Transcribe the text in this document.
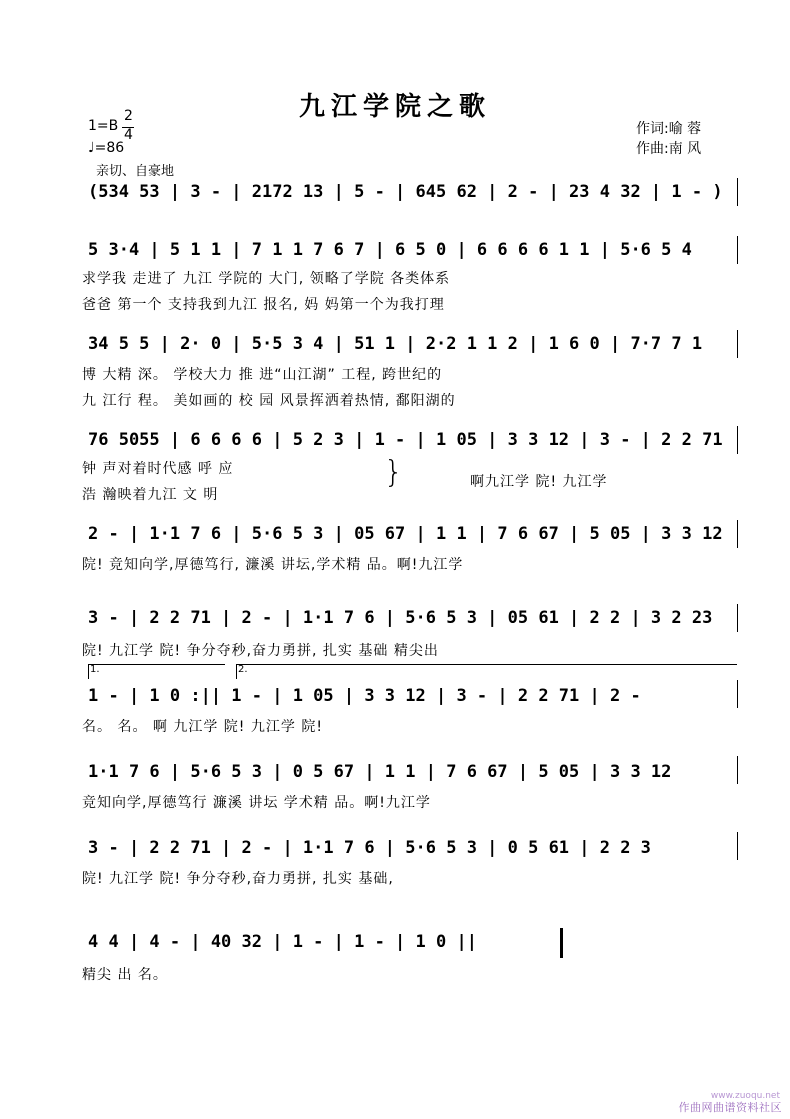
九江学院之歌
1=B
2
4
♩=86
亲切、自豪地
作词:喻 蓉
作曲:南 风
(534 53 | 3 - | 2172 13 | 5 - | 645 62 | 2 - | 23 4 32 | 1 - )
5 3·4 | 5 1 1 | 7 1 1 7 6 7 | 6 5 0 | 6 6 6 6 1 1 | 5·6 5 4
求学我 走进了 九江 学院的 大门, 领略了学院 各类体系
爸爸 第一个 支持我到九江 报名, 妈 妈第一个为我打理
34 5 5 | 2· 0 | 5·5 3 4 | 51 1 | 2·2 1 1 2 | 1 6 0 | 7·7 7 1
博 大精 深。 学校大力 推 进“山江湖” 工程, 跨世纪的
九 江行 程。 美如画的 校 园 风景挥洒着热情, 鄱阳湖的
76 5055 | 6 6 6 6 | 5 2 3 | 1 - | 1 05 | 3 3 12 | 3 - | 2 2 71
钟 声对着时代感 呼 应
浩 瀚映着九江 文 明
}	啊九江学 院! 九江学
2 - | 1·1 7 6 | 5·6 5 3 | 05 67 | 1 1 | 7 6 67 | 5 05 | 3 3 12
院! 竞知向学,厚德笃行, 濂溪 讲坛,学术精 品。啊!九江学
3 - | 2 2 71 | 2 - | 1·1 7 6 | 5·6 5 3 | 05 61 | 2 2 | 3 2 23
院! 九江学 院! 争分夺秒,奋力勇拼, 扎实 基础 精尖出
1.	2.
1 - | 1 0 :|| 1 - | 1 05 | 3 3 12 | 3 - | 2 2 71 | 2 -
名。 名。 啊 九江学 院! 九江学 院!
1·1 7 6 | 5·6 5 3 | 0 5 67 | 1 1 | 7 6 67 | 5 05 | 3 3 12
竞知向学,厚德笃行 濂溪 讲坛 学术精 品。啊!九江学
3 - | 2 2 71 | 2 - | 1·1 7 6 | 5·6 5 3 | 0 5 61 | 2 2 3
院! 九江学 院! 争分夺秒,奋力勇拼, 扎实 基础,
4 4 | 4 - | 40 32 | 1 - | 1 - | 1 0 ||
精尖 出 名。
www.zuoqu.net
作曲网曲谱资料社区
